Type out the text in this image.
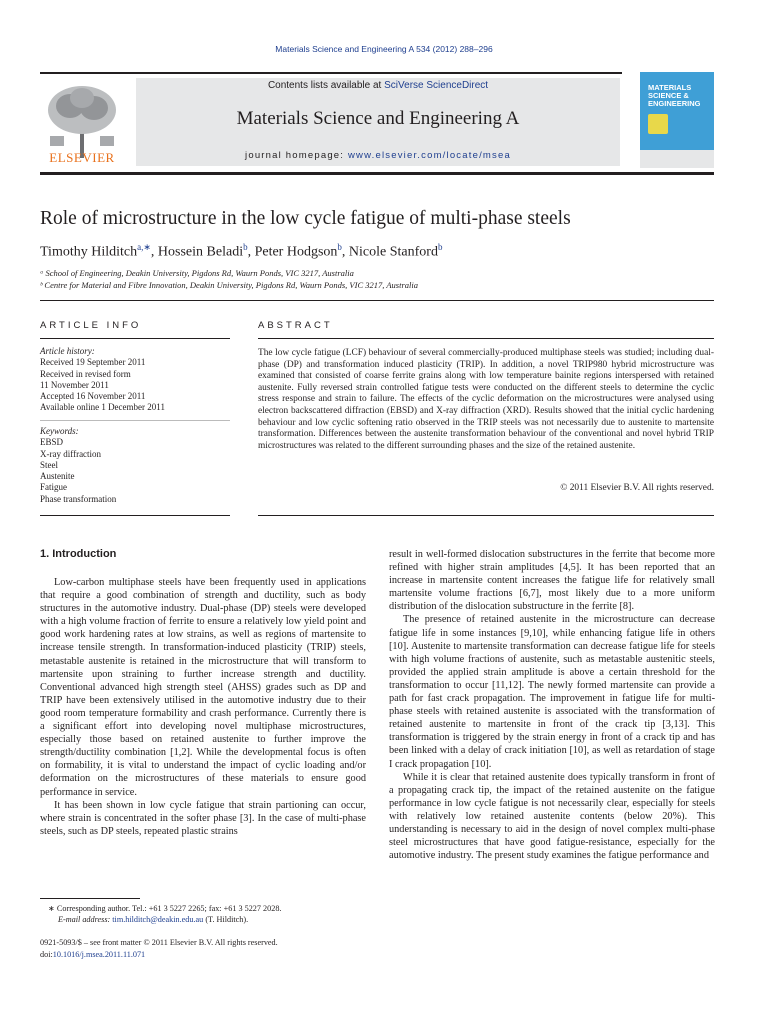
Materials Science and Engineering A 534 (2012) 288–296
ELSEVIER
Contents lists available at SciVerse ScienceDirect
Materials Science and Engineering A
journal homepage: www.elsevier.com/locate/msea
MATERIALS SCIENCE & ENGINEERING
Role of microstructure in the low cycle fatigue of multi-phase steels
Timothy Hilditch$^{a,∗}$, Hossein Beladi$^b$, Peter Hodgson$^b$, Nicole Stanford$^b$
ᵃ School of Engineering, Deakin University, Pigdons Rd, Waurn Ponds, VIC 3217, Australia
ᵇ Centre for Material and Fibre Innovation, Deakin University, Pigdons Rd, Waurn Ponds, VIC 3217, Australia
ARTICLE INFO
Article history:
Received 19 September 2011
Received in revised form
11 November 2011
Accepted 16 November 2011
Available online 1 December 2011
Keywords:
EBSD
X-ray diffraction
Steel
Austenite
Fatigue
Phase transformation
ABSTRACT
The low cycle fatigue (LCF) behaviour of several commercially-produced multiphase steels was studied; including dual-phase (DP) and transformation induced plasticity (TRIP). In addition, a novel TRIP980 hybrid microstructure was examined that consisted of coarse ferrite grains along with low temperature bainite regions interspersed with retained austenite. Fully reversed strain controlled fatigue tests were conducted on the different steels to determine the cyclic stress response and strain to failure. The effects of the cyclic deformation on the microstructures were analysed using electron backscattered diffraction (EBSD) and X-ray diffraction (XRD). Results showed that the initial cyclic hardening behaviour and low cyclic softening ratio observed in the TRIP steels was not necessarily due to austenite to martensite transformation. Differences between the austenite transformation behaviour of the conventional and novel hybrid TRIP microstructures was related to the different surrounding phases and the size of the retained austenite.
© 2011 Elsevier B.V. All rights reserved.
1. Introduction

Low-carbon multiphase steels have been frequently used in applications that require a good combination of strength and ductility, such as body structures in the automotive industry. Dual-phase (DP) steels were developed with a high volume fraction of ferrite to ensure a relatively low yield point and good work hardening rates at low strains, as well as regions of martensite to increase tensile strength. In transformation-induced plasticity (TRIP) steels, metastable austenite is retained in the microstructure that will transform to martensite upon straining to further increase strength and ductility. Conventional advanced high strength steel (AHSS) grades such as DP and TRIP have been extensively utilised in the automotive industry due to their good room temperature formability and crash performance. Currently there is a significant effort into developing novel multiphase microstructures, especially those based on retained austenite to further improve the strength/ductility combination [1,2]. While the developmental focus is often on formability, it is vital to understand the impact of cyclic loading and/or deformation on the microstructures of these materials to ensure good performance in service.

It has been shown in low cycle fatigue that strain partioning can occur, where strain is concentrated in the softer phase [3]. In the case of multi-phase steels, such as DP steels, repeated plastic strains

result in well-formed dislocation substructures in the ferrite that become more refined with higher strain amplitudes [4,5]. It has been reported that an increase in martensite content increases the fatigue life for relatively small martensite volume fractions [6,7], most likely due to a more uniform distribution of the dislocation substructure in the ferrite [8].

The presence of retained austenite in the microstructure can decrease fatigue life in some instances [9,10], while enhancing fatigue life in others [10]. Austenite to martensite transformation can decrease fatigue life for steels with high volume fractions of austenite, such as metastable austenitic steels, provided the applied strain amplitude is above a certain threshold for the transformation to occur [11,12]. The newly formed martensite can provide a path for fast crack propagation. The improvement in fatigue life for multi-phase steels with retained austenite is associated with the transformation of retained austenite to martensite in front of the crack tip [3,13]. This transformation is triggered by the strain energy in front of a crack tip and has been linked with a delay of crack initiation [10], as well as retardation of stage I crack propagation [10].

While it is clear that retained austenite does typically transform in front of a propagating crack tip, the impact of the retained austenite on the fatigue performance in low cycle fatigue is not necessarily clear, especially for steels with relatively low retained austenite contents (below 20%). This understanding is necessary to aid in the design of novel complex multi-phase steel microstructures that have good fatigue-resistance, especially for the automotive industry. The present study examines the fatigue performance and

∗ Corresponding author. Tel.: +61 3 5227 2265; fax: +61 3 5227 2028.
E-mail address: tim.hilditch@deakin.edu.au (T. Hilditch).
0921-5093/$ – see front matter © 2011 Elsevier B.V. All rights reserved.
doi:10.1016/j.msea.2011.11.071
